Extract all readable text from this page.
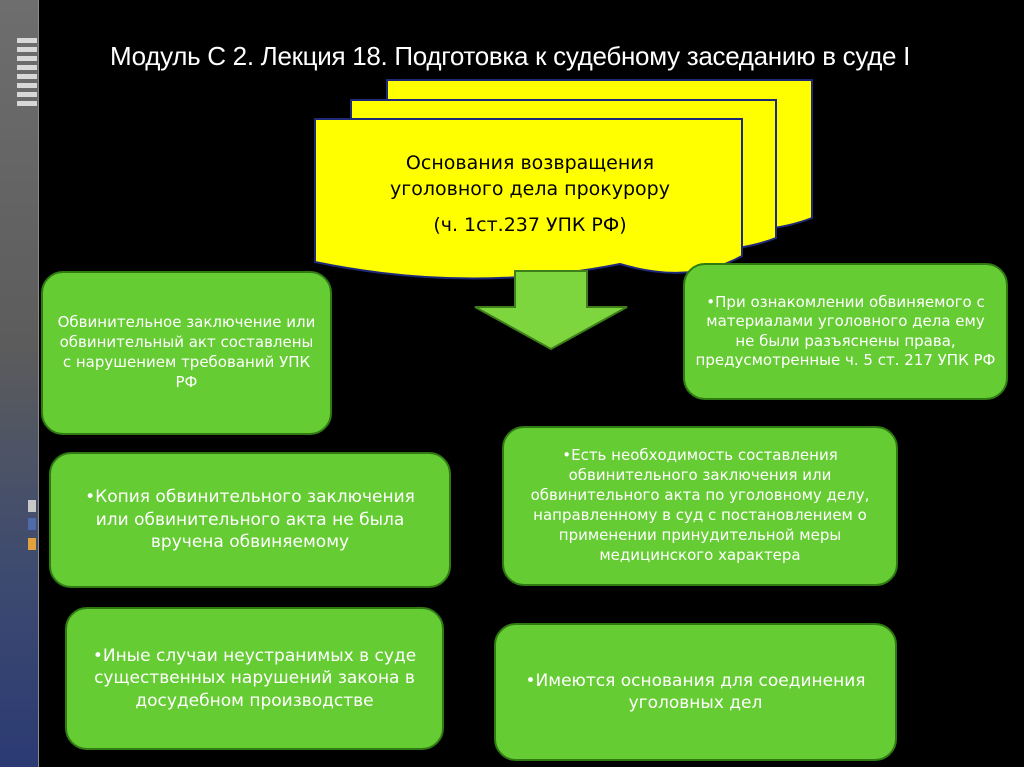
Модуль С 2. Лекция 18. Подготовка к судебному заседанию в суде I
Основания возвращения
уголовного дела прокурору
(ч. 1ст.237 УПК РФ)
Обвинительное заключение или обвинительный акт составлены с нарушением требований УПК РФ
•При ознакомлении обвиняемого с материалами уголовного дела ему не были разъяснены права, предусмотренные ч. 5 ст. 217 УПК РФ
•Копия обвинительного заключения или обвинительного акта не была вручена обвиняемому
•Есть необходимость составления обвинительного заключения или обвинительного акта по уголовному делу, направленному в суд с постановлением о применении принудительной меры медицинского характера
•Иные случаи неустранимых в суде существенных нарушений закона в досудебном производстве
•Имеются основания для соединения уголовных дел
